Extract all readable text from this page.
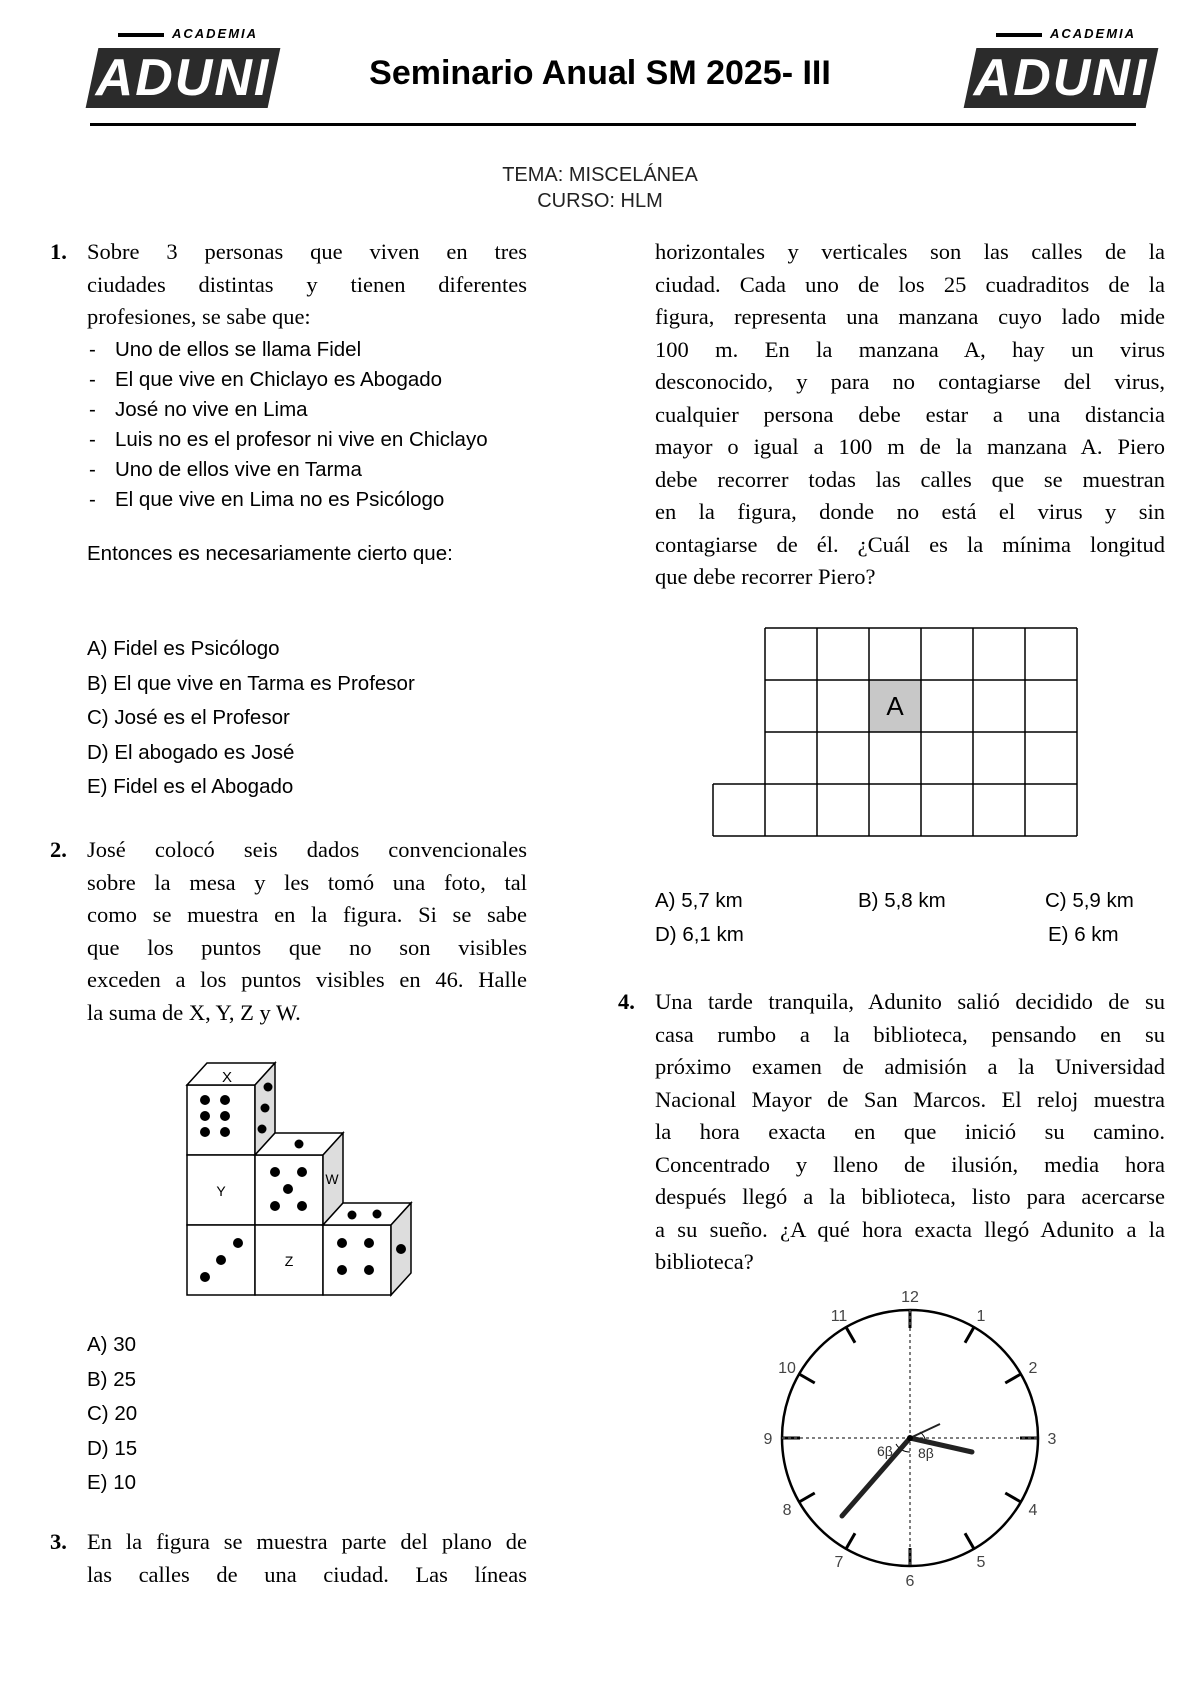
ACADEMIA
ADUNI	Seminario Anual SM 2025- III
ACADEMIA
ADUNI
TEMA: MISCELÁNEA
CURSO: HLM
1. Sobre 3 personas que viven en tres
ciudades distintas y tienen diferentes
profesiones, se sabe que:
- Uno de ellos se llama Fidel
- El que vive en Chiclayo es Abogado
- José no vive en Lima
- Luis no es el profesor ni vive en Chiclayo
- Uno de ellos vive en Tarma
- El que vive en Lima no es Psicólogo
Entonces es necesariamente cierto que:
A) Fidel es Psicólogo
B) El que vive en Tarma es Profesor
C) José es el Profesor
D) El abogado es José
E) Fidel es el Abogado
2. José colocó seis dados convencionales
sobre la mesa y les tomó una foto, tal
como se muestra en la figura. Si se sabe
que los puntos que no son visibles
exceden a los puntos visibles en 46. Halle
la suma de X, Y, Z y W.
X
Y
W
Z
A) 30
B) 25
C) 20
D) 15
E) 10
3. En la figura se muestra parte del plano de
las calles de una ciudad. Las líneas
horizontales y verticales son las calles de la
ciudad. Cada uno de los 25 cuadraditos de la
figura, representa una manzana cuyo lado mide
100 m. En la manzana A, hay un virus
desconocido, y para no contagiarse del virus,
cualquier persona debe estar a una distancia
mayor o igual a 100 m de la manzana A. Piero
debe recorrer todas las calles que se muestran
en la figura, donde no está el virus y sin
contagiarse de él. ¿Cuál es la mínima longitud
que debe recorrer Piero?
A
A) 5,7 km	B) 5,8 km	C) 5,9 km
D) 6,1 km	E) 6 km
4. Una tarde tranquila, Adunito salió decidido de su
casa rumbo a la biblioteca, pensando en su
próximo examen de admisión a la Universidad
Nacional Mayor de San Marcos. El reloj muestra
la hora exacta en que inició su camino.
Concentrado y lleno de ilusión, media hora
después llegó a la biblioteca, listo para acercarse
a su sueño. ¿A qué hora exacta llegó Adunito a la
biblioteca?
6β 8β
12
1
2
3
4
5
6
7
8
9
10
11
